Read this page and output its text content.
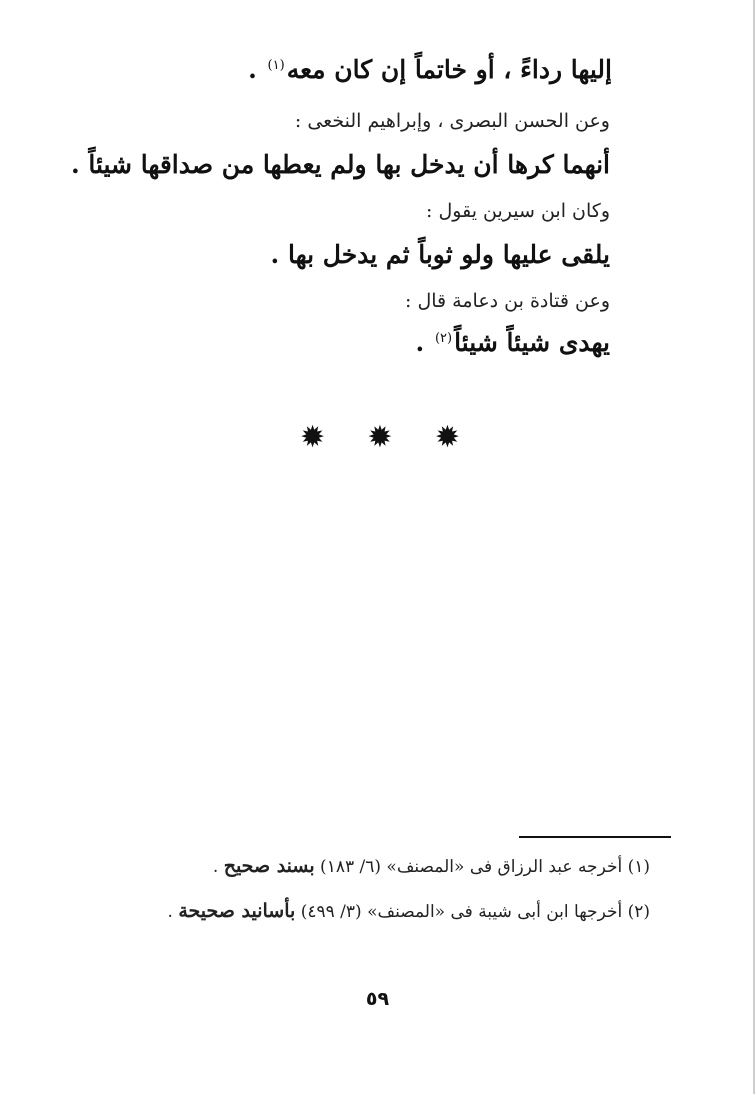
إليها رداءً ، أو خاتماً إن كان معه$^{(١)}$ .
وعن الحسن البصرى ، وإبراهيم النخعى :
أنهما كرها أن يدخل بها ولم يعطها من صداقها شيئاً .
وكان ابن سيرين يقول :
يلقى عليها ولو ثوباً ثم يدخل بها .
وعن قتادة بن دعامة قال :
يهدى شيئاً شيئاً$^{(٢)}$ .
✹ ✹ ✹
(١) أخرجه عبد الرزاق فى «المصنف» (٦/ ١٨٣) بسند صحيح .
(٢) أخرجها ابن أبى شيبة فى «المصنف» (٣/ ٤٩٩) بأسانيد صحيحة .
٥٩
